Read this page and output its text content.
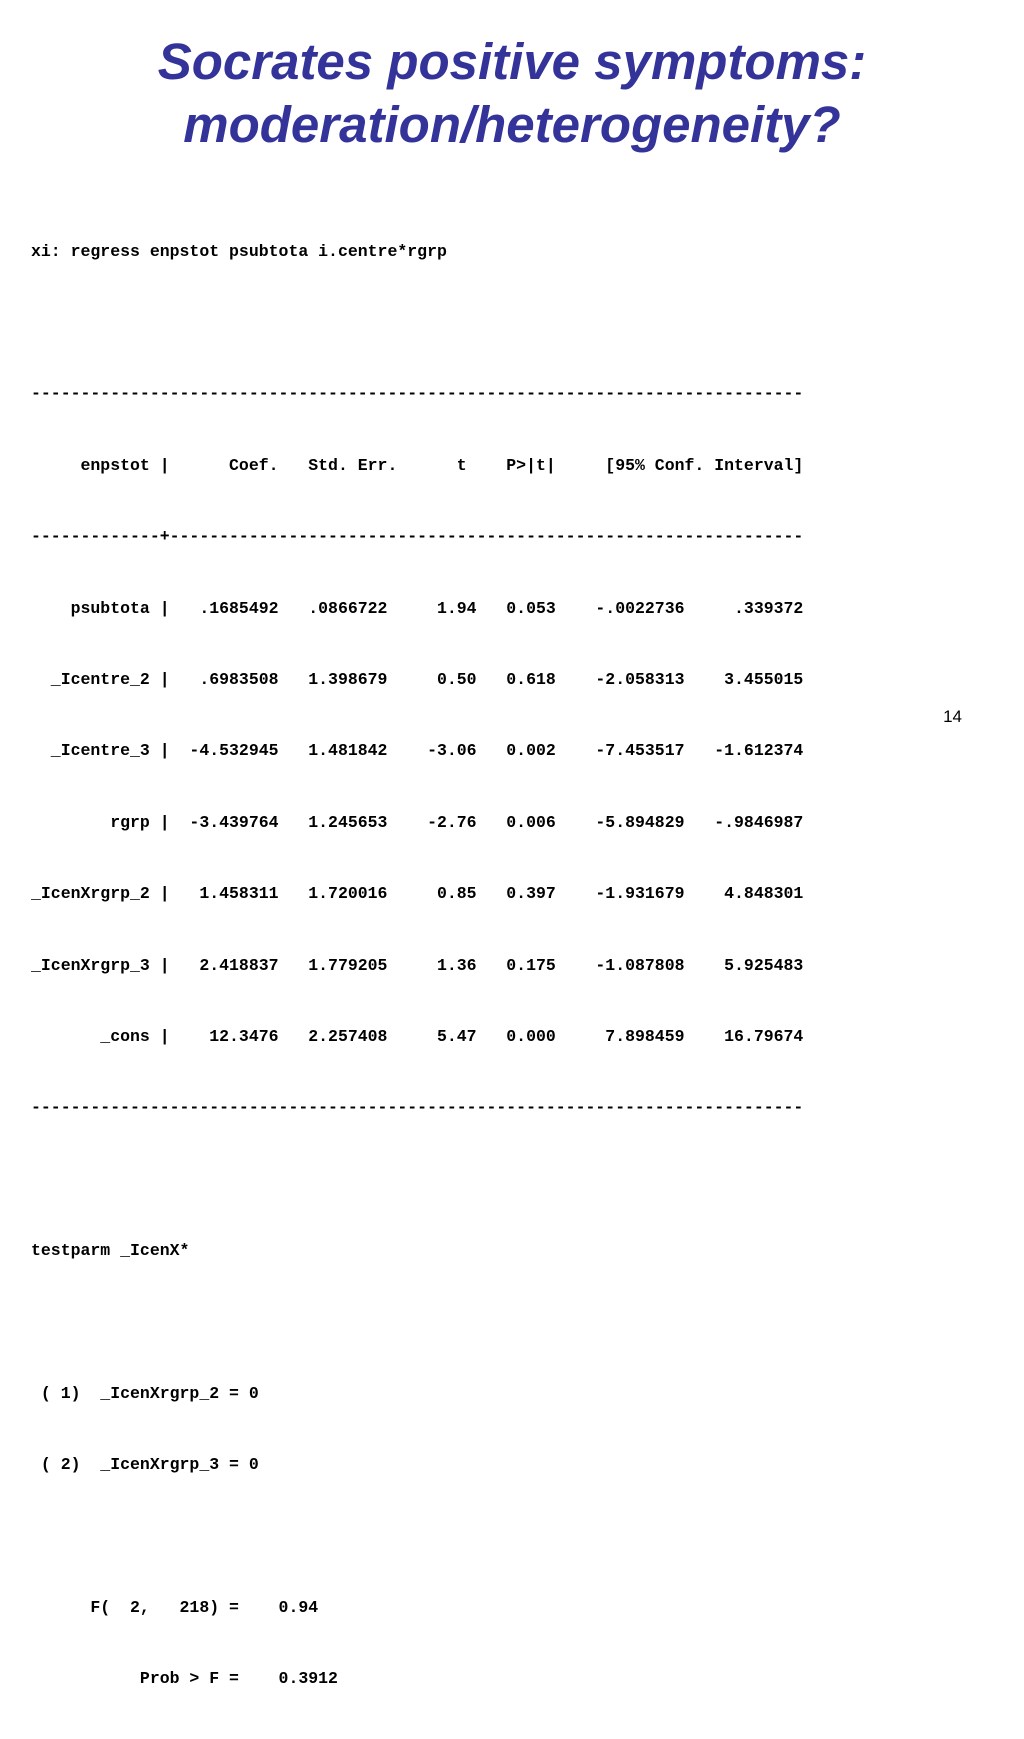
Socrates positive symptoms:
moderation/heterogeneity?

xi: regress enpstot psubtota i.centre*rgrp

------------------------------------------------------------------------------

enpstot |      Coef.   Std. Err.      t    P>|t|     [95% Conf. Interval]

-------------+----------------------------------------------------------------

psubtota |   .1685492   .0866722     1.94   0.053    -.0022736     .339372

_Icentre_2 |   .6983508   1.398679     0.50   0.618    -2.058313    3.455015

_Icentre_3 |  -4.532945   1.481842    -3.06   0.002    -7.453517   -1.612374

rgrp |  -3.439764   1.245653    -2.76   0.006    -5.894829   -.9846987

_IcenXrgrp_2 |   1.458311   1.720016     0.85   0.397    -1.931679    4.848301

_IcenXrgrp_3 |   2.418837   1.779205     1.36   0.175    -1.087808    5.925483

_cons |    12.3476   2.257408     5.47   0.000     7.898459    16.79674

------------------------------------------------------------------------------

testparm _IcenX*

( 1)  _IcenXrgrp_2 = 0

( 2)  _IcenXrgrp_3 = 0

F(  2,   218) =    0.94

Prob > F =    0.3912

14
